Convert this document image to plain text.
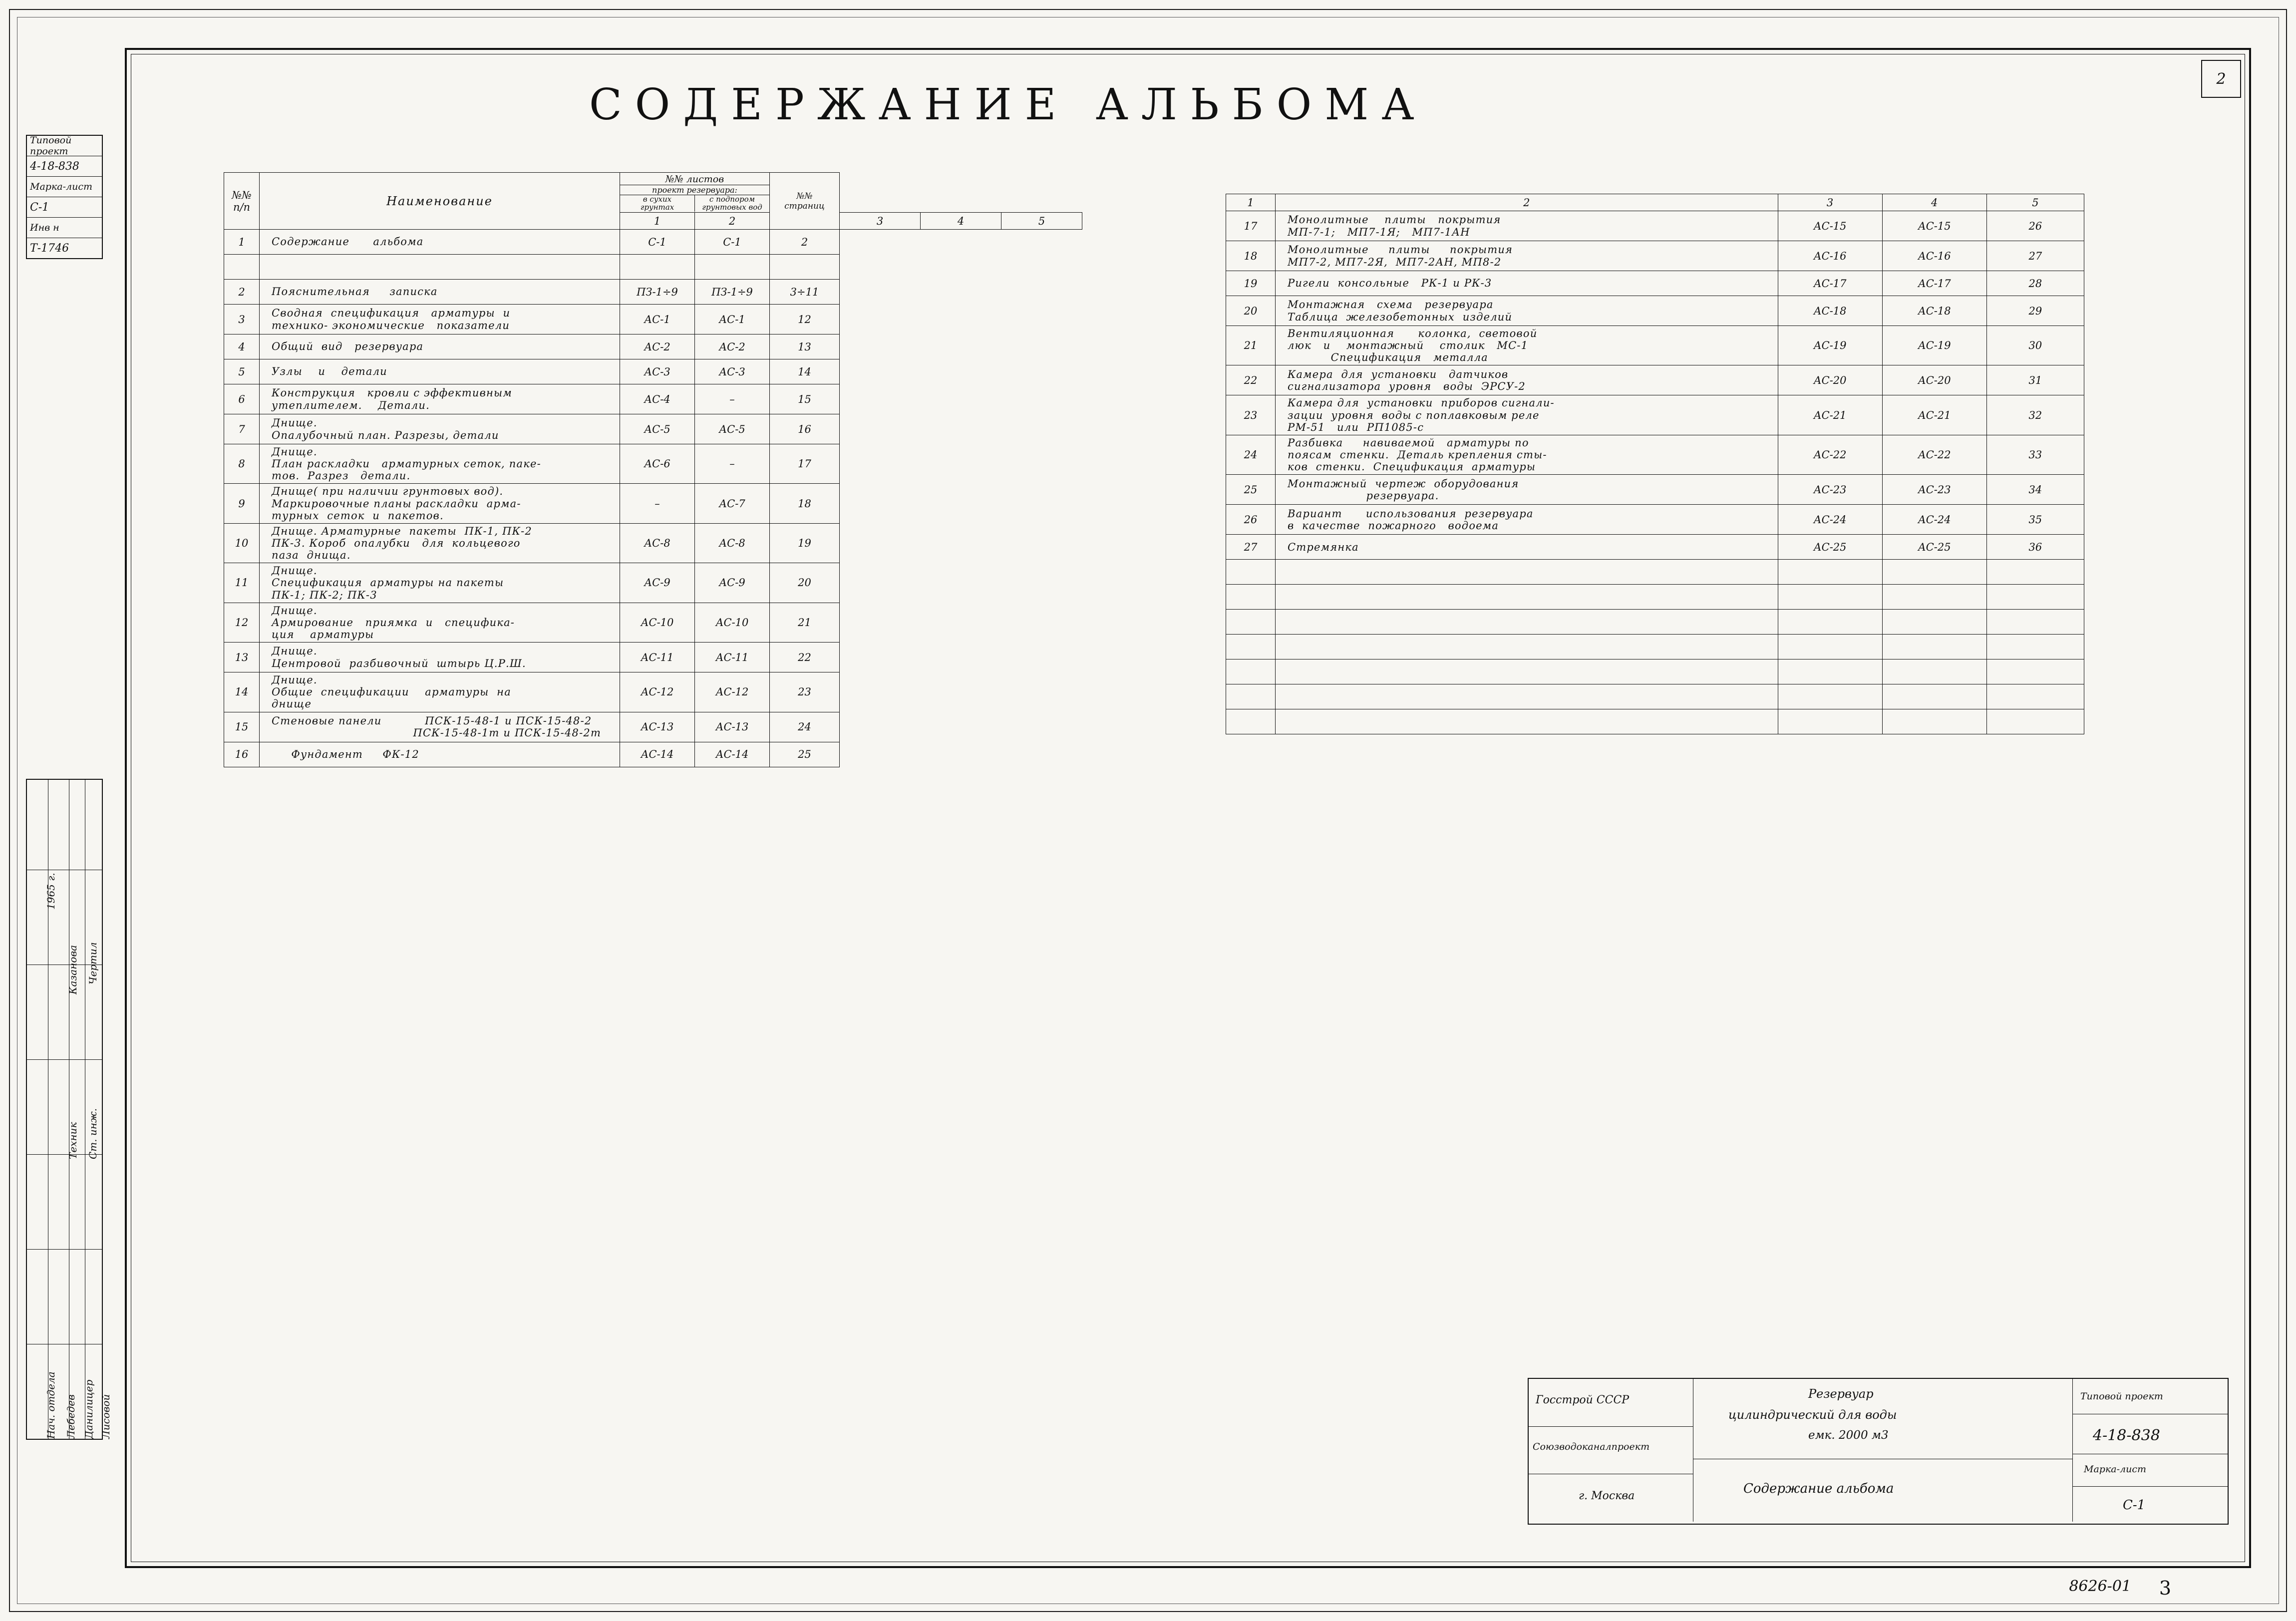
СОДЕРЖАНИЕ АЛЬБОМА
2
Типовой проект
4-18-838
Марка-лист
С-1
Инв н
Т-1746
Чертил
Казанова
Ст. инж.
Техник
Нач. отдела Лебедев Данилицер Лисовой
1965 г.
№№
п/п	Наименование	
№№ листов
проект резервуара:
в сухих
грунтах
с подпором
грунтовых вод
	№№
страниц
		1	2		3	4	5
1	Содержание      альбома	С-1	С-1	2			

2	Пояснительная     записка	ПЗ-1÷9	ПЗ-1÷9	3÷11			
3	Сводная  спецификация   арматуры  и
технико- экономические   показатели	АС-1	АС-1	12			
4	Общий  вид   резервуара	АС-2	АС-2	13			
5	Узлы    и    детали	АС-3	АС-3	14			
6	Конструкция   кровли с эффективным
утеплителем.    Детали.	АС-4	–	15			
7	Днище.
Опалубочный план. Разрезы, детали	АС-5	АС-5	16			
8	Днище.
План раскладки   арматурных сеток, паке-
тов.  Разрез   детали.	АС-6	–	17			
9	Днище( при наличии грунтовых вод).
Маркировочные планы раскладки  арма-
турных  сеток  и  пакетов.	–	АС-7	18			
10	Днище. Арматурные  пакеты  ПК-1, ПК-2
ПК-3. Короб  опалубки   для  кольцевого
паза  днища.	АС-8	АС-8	19			
11	Днище.
Спецификация  арматуры на пакеты
ПК-1; ПК-2; ПК-3	АС-9	АС-9	20			
12	Днище.
Армирование   приямка  и   спецификa-
ция    арматуры	АС-10	АС-10	21			
13	Днище.
Центровой  разбивочный  штырь Ц.Р.Ш.	АС-11	АС-11	22			
14	Днище.
Общие  спецификации    арматуры  на
днище	АС-12	АС-12	23			
15	Стеновые панели           ПСК-15-48-1 и ПСК-15-48-2
ПСК-15-48-1т и ПСК-15-48-2т	АС-13	АС-13	24			
16	Фундамент     ФК-12	АС-14	АС-14	25			
1	2	3	4	5
17	Монолитные    плиты   покрытия
МП-7-1;   МП7-1Я;   МП7-1АН	АС-15	АС-15	26
18	Монолитные     плиты     покрытия
МП7-2, МП7-2Я,  МП7-2АН, МП8-2	АС-16	АС-16	27
19	Ригели  консольные   РК-1 и РК-3	АС-17	АС-17	28
20	Монтажная   схема   резервуара
Таблица  железобетонных  изделий	АС-18	АС-18	29
21	Вентиляционная      колонка,  световой
люк   и    монтажный    столик   МС-1
Спецификация   металла	АС-19	АС-19	30
22	Камера  для  установки   датчиков
сигнализатора  уровня   воды  ЭРСУ-2	АС-20	АС-20	31
23	Камера для  установки  приборов сигнали-
зации  уровня  воды с поплавковым реле
РМ-51   или  РП1085-с	АС-21	АС-21	32
24	Разбивка     навиваемой   арматуры по
поясам  стенки.  Деталь крепления сты-
ков  стенки.  Спецификация  арматуры	АС-22	АС-22	33
25	Монтажный  чертеж  оборудования
резервуара.	АС-23	АС-23	34
26	Вариант      использования  резервуара
в  качестве  пожарного   водоема	АС-24	АС-24	35
27	Стремянка	АС-25	АС-25	36

Госстрой СССР
Союзводоканалпроект
г. Москва
Резервуар
цилиндрический для воды
емк. 2000 м3
Содержание альбома
Типовой проект
4-18-838
Марка-лист
С-1
8626-01 3
